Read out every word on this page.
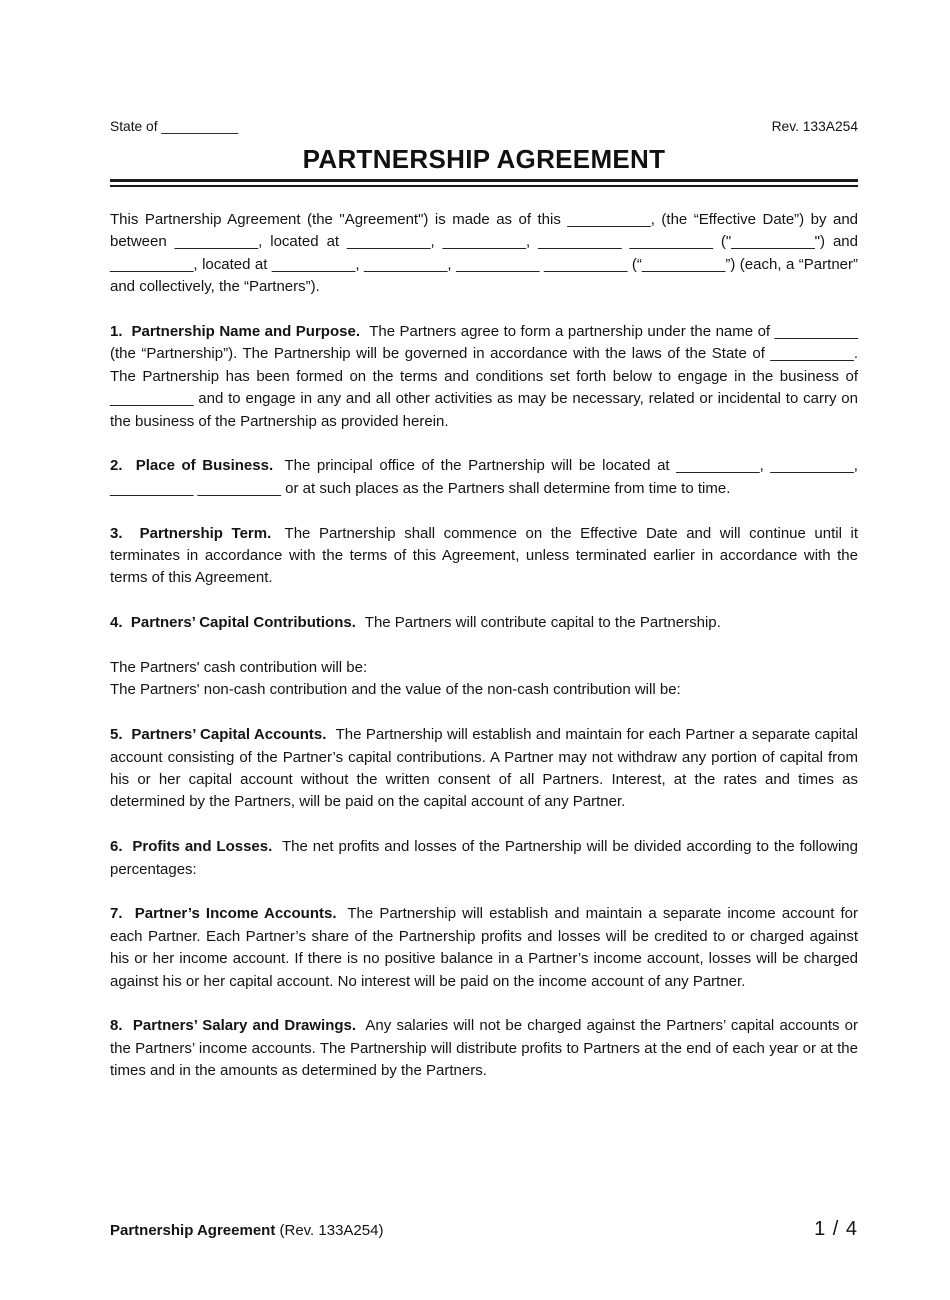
State of __________	Rev. 133A254
PARTNERSHIP AGREEMENT

This Partnership Agreement (the "Agreement") is made as of this __________, (the “Effective Date”) by and between __________, located at __________, __________, __________ __________ ("__________") and __________, located at __________, __________, __________ __________ (“__________”) (each, a “Partner” and collectively, the “Partners”).

1.  Partnership Name and Purpose. The Partners agree to form a partnership under the name of __________ (the “Partnership”). The Partnership will be governed in accordance with the laws of the State of __________. The Partnership has been formed on the terms and conditions set forth below to engage in the business of __________ and to engage in any and all other activities as may be necessary, related or incidental to carry on the business of the Partnership as provided herein.

2.  Place of Business. The principal office of the Partnership will be located at __________, __________, __________ __________ or at such places as the Partners shall determine from time to time.

3.  Partnership Term. The Partnership shall commence on the Effective Date and will continue until it terminates in accordance with the terms of this Agreement, unless terminated earlier in accordance with the terms of this Agreement.

4.  Partners’ Capital Contributions. The Partners will contribute capital to the Partnership.

The Partners' cash contribution will be:
The Partners' non-cash contribution and the value of the non-cash contribution will be:

5.  Partners’ Capital Accounts. The Partnership will establish and maintain for each Partner a separate capital account consisting of the Partner’s capital contributions. A Partner may not withdraw any portion of capital from his or her capital account without the written consent of all Partners. Interest, at the rates and times as determined by the Partners, will be paid on the capital account of any Partner.

6.  Profits and Losses. The net profits and losses of the Partnership will be divided according to the following percentages:

7.  Partner’s Income Accounts. The Partnership will establish and maintain a separate income account for each Partner. Each Partner’s share of the Partnership profits and losses will be credited to or charged against his or her income account. If there is no positive balance in a Partner’s income account, losses will be charged against his or her capital account. No interest will be paid on the income account of any Partner.

8.  Partners’ Salary and Drawings. Any salaries will not be charged against the Partners’ capital accounts or the Partners’ income accounts. The Partnership will distribute profits to Partners at the end of each year or at the times and in the amounts as determined by the Partners.

Partnership Agreement (Rev. 133A254)	1 / 4
